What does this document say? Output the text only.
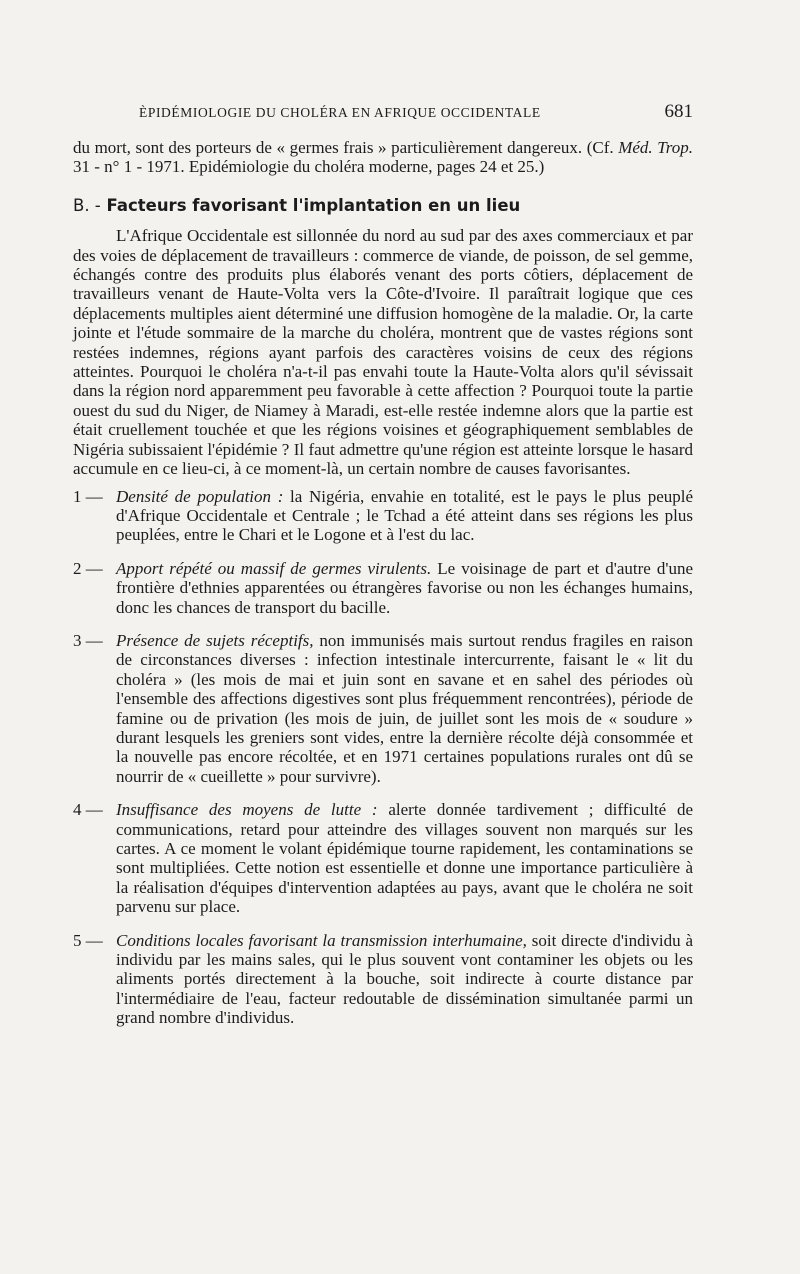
ÈPIDÉMIOLOGIE DU CHOLÉRA EN AFRIQUE OCCIDENTALE	681

du mort, sont des porteurs de « germes frais » particulièrement dangereux. (Cf. Méd. Trop. 31 - n° 1 - 1971. Epidémiologie du choléra moderne, pages 24 et 25.)

B. - Facteurs favorisant l'implantation en un lieu

L'Afrique Occidentale est sillonnée du nord au sud par des axes commerciaux et par des voies de déplacement de travailleurs : commerce de viande, de poisson, de sel gemme, échangés contre des produits plus élaborés venant des ports côtiers, déplacement de travailleurs venant de Haute-Volta vers la Côte-d'Ivoire. Il paraîtrait logique que ces déplacements multiples aient déterminé une diffusion homogène de la maladie. Or, la carte jointe et l'étude sommaire de la marche du choléra, montrent que de vastes régions sont restées indemnes, régions ayant parfois des caractères voisins de ceux des régions atteintes. Pourquoi le choléra n'a-t-il pas envahi toute la Haute-Volta alors qu'il sévissait dans la région nord apparemment peu favorable à cette affection ? Pourquoi toute la partie ouest du sud du Niger, de Niamey à Maradi, est-elle restée indemne alors que la partie est était cruellement touchée et que les régions voisines et géographiquement semblables de Nigéria subissaient l'épidémie ? Il faut admettre qu'une région est atteinte lorsque le hasard accumule en ce lieu-ci, à ce moment-là, un certain nombre de causes favorisantes.

1 — Densité de population : la Nigéria, envahie en totalité, est le pays le plus peuplé d'Afrique Occidentale et Centrale ; le Tchad a été atteint dans ses régions les plus peuplées, entre le Chari et le Logone et à l'est du lac.
2 — Apport répété ou massif de germes virulents. Le voisinage de part et d'autre d'une frontière d'ethnies apparentées ou étrangères favorise ou non les échanges humains, donc les chances de transport du bacille.
3 — Présence de sujets réceptifs, non immunisés mais surtout rendus fragiles en raison de circonstances diverses : infection intestinale intercurrente, faisant le « lit du choléra » (les mois de mai et juin sont en savane et en sahel des périodes où l'ensemble des affections digestives sont plus fréquemment rencontrées), période de famine ou de privation (les mois de juin, de juillet sont les mois de « soudure » durant lesquels les greniers sont vides, entre la dernière récolte déjà consommée et la nouvelle pas encore récoltée, et en 1971 certaines populations rurales ont dû se nourrir de « cueillette » pour survivre).
4 — Insuffisance des moyens de lutte : alerte donnée tardivement ; difficulté de communications, retard pour atteindre des villages souvent non marqués sur les cartes. A ce moment le volant épidémique tourne rapidement, les contaminations se sont multipliées. Cette notion est essentielle et donne une importance particulière à la réalisation d'équipes d'intervention adaptées au pays, avant que le choléra ne soit parvenu sur place.
5 — Conditions locales favorisant la transmission interhumaine, soit directe d'individu à individu par les mains sales, qui le plus souvent vont contaminer les objets ou les aliments portés directement à la bouche, soit indirecte à courte distance par l'intermédiaire de l'eau, facteur redoutable de dissémination simultanée parmi un grand nombre d'individus.
